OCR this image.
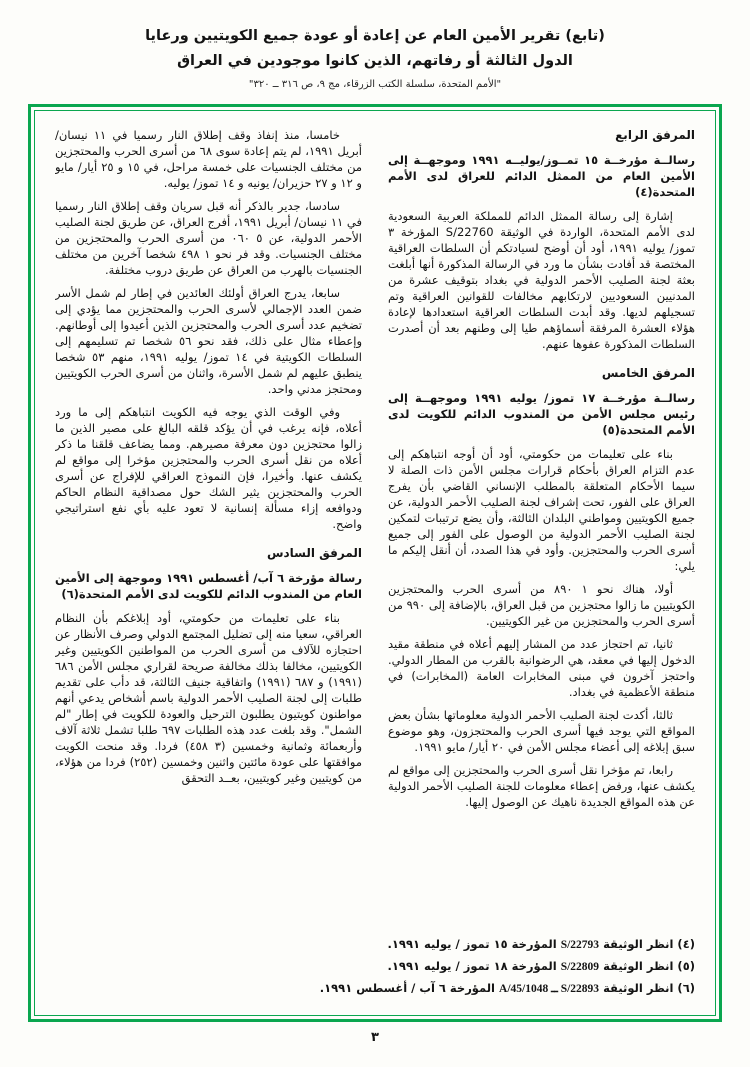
(تابع) تقرير الأمين العام عن إعادة أو عودة جميع الكويتيين ورعايا
الدول الثالثة أو رفاتهم، الذين كانوا موجودين في العراق
"الأمم المتحدة، سلسلة الكتب الزرقاء، مج ٩، ص ٣١٦ ــ ٣٢٠"
المرفق الرابع

رسالــة مؤرخــة ١٥ تمــوز/يوليــه ١٩٩١ وموجهــة إلى الأمين العام من الممثل الدائم للعراق لدى الأمم المتحدة(٤)

إشارة إلى رسالة الممثل الدائم للمملكة العربية السعودية لدى الأمم المتحدة، الواردة في الوثيقة S/22760 المؤرخة ٣ تموز/ يوليه ١٩٩١، أود أن أوضح لسيادتكم أن السلطات العراقية المختصة قد أفادت بشأن ما ورد في الرسالة المذكورة أنها أبلغت بعثة لجنة الصليب الأحمر الدولية في بغداد بتوقيف عشرة من المدنيين السعوديين لارتكابهم مخالفات للقوانين العراقية وتم تسجيلهم لديها. وقد أبدت السلطات العراقية استعدادها لإعادة هؤلاء العشرة المرفقة أسماؤهم طيا إلى وطنهم بعد أن أصدرت السلطات المذكورة عفوها عنهم.

المرفق الخامس

رسالــة مؤرخــة ١٧ تموز/ يوليه ١٩٩١ وموجهــة إلى رئيس مجلس الأمن من المندوب الدائم للكويت لدى الأمم المتحدة(٥)

بناء على تعليمات من حكومتي، أود أن أوجه انتباهكم إلى عدم التزام العراق بأحكام قرارات مجلس الأمن ذات الصلة لا سيما الأحكام المتعلقة بالمطلب الإنساني القاضي بأن يفرج العراق على الفور، تحت إشراف لجنة الصليب الأحمر الدولية، عن جميع الكويتيين ومواطني البلدان الثالثة، وأن يضع ترتيبات لتمكين لجنة الصليب الأحمر الدولية من الوصول على الفور إلى جميع أسرى الحرب والمحتجزين. وأود في هذا الصدد، أن أنقل إليكم ما يلي:

أولا، هناك نحو ١ ٨٩٠ من أسرى الحرب والمحتجزين الكويتيين ما زالوا محتجزين من قبل العراق، بالإضافة إلى ٩٩٠ من أسرى الحرب والمحتجزين من غير الكويتيين.

ثانيا، تم احتجاز عدد من المشار إليهم أعلاه في منطقة مقيد الدخول إليها في معقد، هي الرضوانية بالقرب من المطار الدولي. واحتجز آخرون في مبنى المخابرات العامة (المخابرات) في منطقة الأعظمية في بغداد.

ثالثا، أكدت لجنة الصليب الأحمر الدولية معلوماتها بشأن بعض المواقع التي يوجد فيها أسرى الحرب والمحتجزون، وهو موضوع سبق إبلاغه إلى أعضاء مجلس الأمن في ٢٠ أيار/ مايو ١٩٩١.

رابعا، تم مؤخرا نقل أسرى الحرب والمحتجزين إلى مواقع لم يكشف عنها، ورفض إعطاء معلومات للجنة الصليب الأحمر الدولية عن هذه المواقع الجديدة ناهيك عن الوصول إليها.

خامسا، منذ إنفاذ وقف إطلاق النار رسميا في ١١ نيسان/ أبريل ١٩٩١، لم يتم إعادة سوى ٦٨ من أسرى الحرب والمحتجزين من مختلف الجنسيات على خمسة مراحل، في ١٥ و ٢٥ أيار/ مايو و ١٢ و ٢٧ حزيران/ يونيه و ١٤ تموز/ يوليه.

سادسا، جدير بالذكر أنه قبل سريان وقف إطلاق النار رسميا في ١١ نيسان/ أبريل ١٩٩١، أفرج العراق، عن طريق لجنة الصليب الأحمر الدولية، عن ٥ ٠٦٠ من أسرى الحرب والمحتجزين من مختلف الجنسيات. وقد فر نحو ١ ٤٩٨ شخصا آخرين من مختلف الجنسيات بالهرب من العراق عن طريق دروب مختلفة.

سابعا، يدرج العراق أولئك العائدين في إطار لم شمل الأسر ضمن العدد الإجمالي لأسرى الحرب والمحتجزين مما يؤدي إلى تضخيم عدد أسرى الحرب والمحتجزين الذين أعيدوا إلى أوطانهم. وإعطاء مثال على ذلك، فقد نحو ٥٦ شخصا تم تسليمهم إلى السلطات الكويتية في ١٤ تموز/ يوليه ١٩٩١، منهم ٥٣ شخصا ينطبق عليهم لم شمل الأسرة، واثنان من أسرى الحرب الكويتيين ومحتجز مدني واحد.

وفي الوقت الذي يوجه فيه الكويت انتباهكم إلى ما ورد أعلاه، فإنه يرغب في أن يؤكد قلقه البالغ على مصير الذين ما زالوا محتجزين دون معرفة مصيرهم. ومما يضاعف قلقنا ما ذكر أعلاه من نقل أسرى الحرب والمحتجزين مؤخرا إلى مواقع لم يكشف عنها. وأخيرا، فإن النموذج العراقي للإفراج عن أسرى الحرب والمحتجزين يثير الشك حول مصداقية النظام الحاكم ودوافعه إزاء مسألة إنسانية لا تعود عليه بأي نفع استراتيجي واضح.

المرفق السادس

رسالة مؤرخة ٦ آب/ أغسطس ١٩٩١ وموجهة إلى الأمين العام من المندوب الدائم للكويت لدى الأمم المتحدة(٦)

بناء على تعليمات من حكومتي، أود إبلاغكم بأن النظام العراقي، سعيا منه إلى تضليل المجتمع الدولي وصرف الأنظار عن احتجازه للآلاف من أسرى الحرب من المواطنين الكويتيين وغير الكويتيين، مخالفا بذلك مخالفة صريحة لقراري مجلس الأمن ٦٨٦ (١٩٩١) و ٦٨٧ (١٩٩١) واتفاقية جنيف الثالثة، قد دأب على تقديم طلبات إلى لجنة الصليب الأحمر الدولية باسم أشخاص يدعي أنهم مواطنون كويتيون يطلبون الترحيل والعودة للكويت في إطار "لم الشمل". وقد بلغت عدد هذه الطلبات ٦٩٧ طلبا تشمل ثلاثة آلاف وأربعمائة وثمانية وخمسين (٣ ٤٥٨) فردا. وقد منحت الكويت موافقتها على عودة مائتين واثنين وخمسين (٢٥٢) فردا من هؤلاء، من كويتيين وغير كويتيين، بعــد التحقق

(٤) انظر الوثيقة S/22793 المؤرخة ١٥ تموز / يوليه ١٩٩١.
(٥) انظر الوثيقة S/22809 المؤرخة ١٨ تموز / يوليه ١٩٩١.
(٦) انظر الوثيقة S/22893 ــ A/45/1048 المؤرخة ٦ آب / أغسطس ١٩٩١.
٣
